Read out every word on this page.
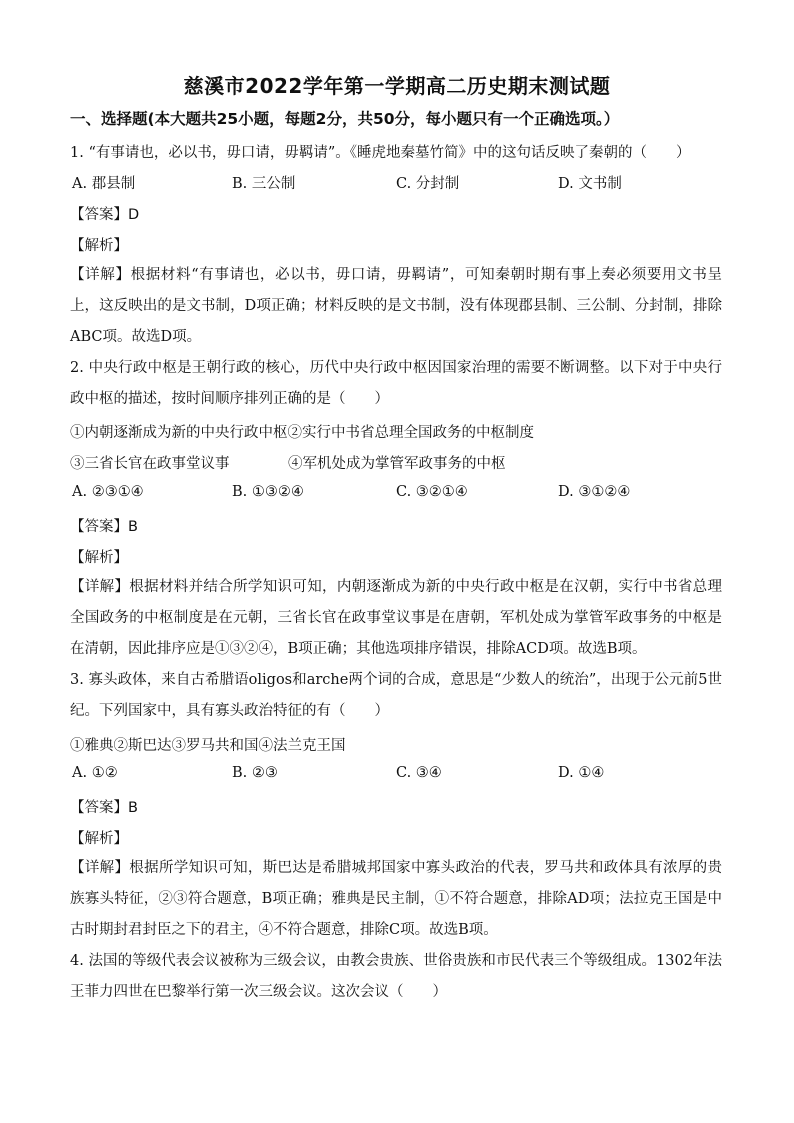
慈溪市2022学年第一学期高二历史期末测试题
一、选择题(本大题共25小题，每题2分，共50分，每小题只有一个正确选项。）
1. “有事请也，必以书，毋口请，毋羁请”。《睡虎地秦墓竹简》中的这句话反映了秦朝的（　　）
A. 郡县制	B. 三公制	C. 分封制	D. 文书制
【答案】D
【解析】
【详解】根据材料“有事请也，必以书，毋口请，毋羁请”，可知秦朝时期有事上奏必须要用文书呈上，这反映出的是文书制，D项正确；材料反映的是文书制，没有体现郡县制、三公制、分封制，排除ABC项。故选D项。
2. 中央行政中枢是王朝行政的核心，历代中央行政中枢因国家治理的需要不断调整。以下对于中央行政中枢的描述，按时间顺序排列正确的是（　　）
①内朝逐渐成为新的中央行政中枢②实行中书省总理全国政务的中枢制度
③三省长官在政事堂议事	④军机处成为掌管军政事务的中枢
A. ②③①④	B. ①③②④	C. ③②①④	D. ③①②④
【答案】B
【解析】
【详解】根据材料并结合所学知识可知，内朝逐渐成为新的中央行政中枢是在汉朝，实行中书省总理全国政务的中枢制度是在元朝，三省长官在政事堂议事是在唐朝，军机处成为掌管军政事务的中枢是在清朝，因此排序应是①③②④，B项正确；其他选项排序错误，排除ACD项。故选B项。
3. 寡头政体，来自古希腊语oligos和arche两个词的合成，意思是“少数人的统治”，出现于公元前5世纪。下列国家中，具有寡头政治特征的有（　　）
①雅典②斯巴达③罗马共和国④法兰克王国
A. ①②	B. ②③	C. ③④	D. ①④
【答案】B
【解析】
【详解】根据所学知识可知，斯巴达是希腊城邦国家中寡头政治的代表，罗马共和政体具有浓厚的贵族寡头特征，②③符合题意，B项正确；雅典是民主制，①不符合题意，排除AD项；法拉克王国是中古时期封君封臣之下的君主，④不符合题意，排除C项。故选B项。
4. 法国的等级代表会议被称为三级会议，由教会贵族、世俗贵族和市民代表三个等级组成。1302年法王菲力四世在巴黎举行第一次三级会议。这次会议（　　）
